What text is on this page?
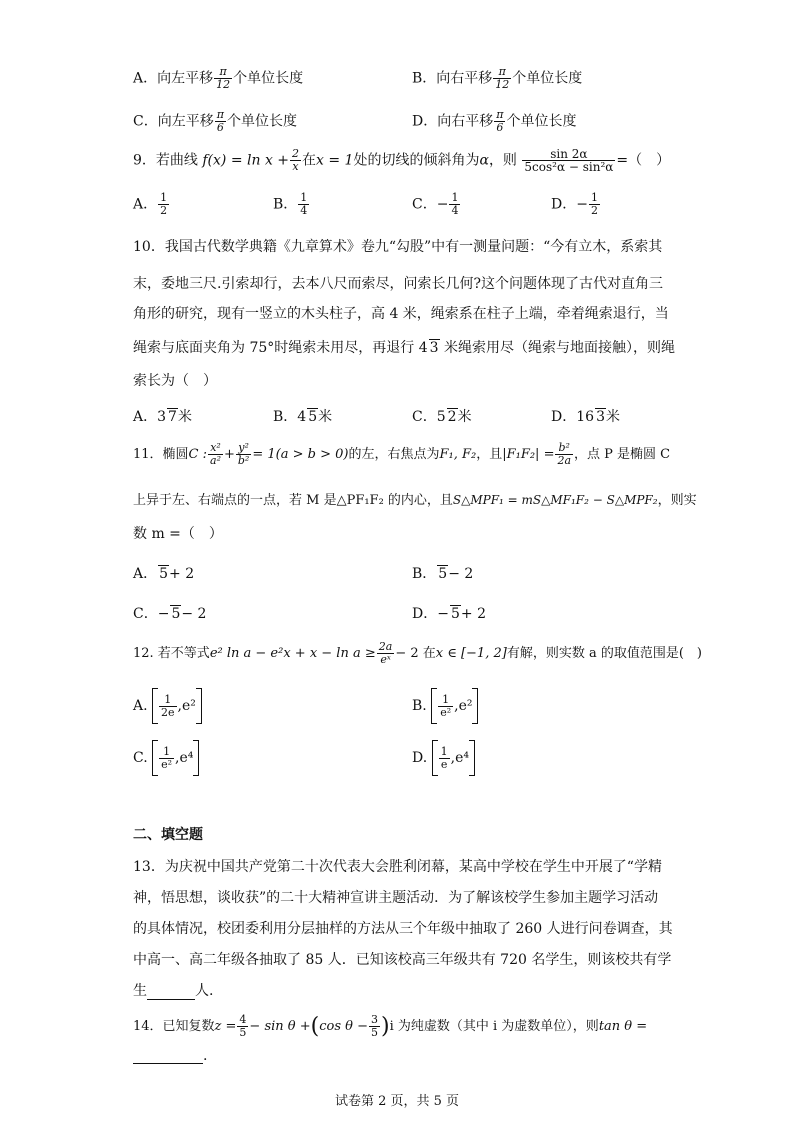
A．向左平移 $\frac{\pi}{12}$ 个单位长度	B．向右平移 $\frac{\pi}{12}$ 个单位长度
C．向左平移 $\frac{\pi}{6}$ 个单位长度	D．向右平移 $\frac{\pi}{6}$ 个单位长度
9．若曲线 $f(x) = \ln x + \frac{2}{x}$ 在x = 1处的切线的倾斜角为α，则 $\frac{\sin 2\alpha}{\text{5cos²α − sin²α}}$ =（　）
A． $\frac{1}{2}$	B． $\frac{1}{4}$	C．− $\frac{1}{4}$	D．− $\frac{1}{2}$
10．我国古代数学典籍《九章算术》卷九“勾股”中有一测量问题：“今有立木，系索其
末，委地三尺.引索却行，去本八尺而索尽，问索长几何?这个问题体现了古代对直角三
角形的研究，现有一竖立的木头柱子，高 4 米，绳索系在柱子上端，牵着绳索退行，当
绳索与底面夹角为 75°时绳索未用尽，再退行 4 3 米绳索用尽（绳索与地面接触），则绳
索长为（　）
A．3 7米	B．4 5米	C．5 2米	D．16 3米
11．椭圆C : $\frac{\text{x²}}{\text{a²}} + \frac{\text{y²}}{\text{b²}} = 1(a > b > 0)$的左，右焦点为F₁, F₂，且$|F_1F_2| = \frac{\text{b²}}{2a}$ ，点 P 是椭圆 C
上异于左、右端点的一点，若 M 是△PF₁F₂ 的内心，且S△MPF₁ = mS△MF₁F₂ − S△MPF₂，则实
数 m =（　）
A． 5+ 2	B． 5− 2
C．− 5− 2	D．− 5+ 2
12. 若不等式e² $\ln a - e^2x + x - \ln a \ge \frac{2a}{\text{eˣ}} - 2$ 在x ∈ [−1, 2]有解，则实数 a 的取值范围是(　)
A. $\frac{1}{2e} ,e^2$	B. $\frac{1}{\text{e²}} ,e^2$
C. $\frac{1}{\text{e²}} ,e^4$	D. $\frac{1}{e} ,e^4$
二、填空题
13．为庆祝中国共产党第二十次代表大会胜利闭幕，某高中学校在学生中开展了“学精
神，悟思想，谈收获”的二十大精神宣讲主题活动．为了解该校学生参加主题学习活动
的具体情况，校团委利用分层抽样的方法从三个年级中抽取了 260 人进行问卷调查，其
中高一、高二年级各抽取了 85 人．已知该校高三年级共有 720 名学生，则该校共有学
生	人.
14．已知复数$z = \frac{4}{5} - \sin \theta +(\cos$ $\theta - \frac{3}{5} )i$ 为纯虚数（其中 i 为虚数单位），则tan θ =
.
试卷第 2 页，共 5 页
